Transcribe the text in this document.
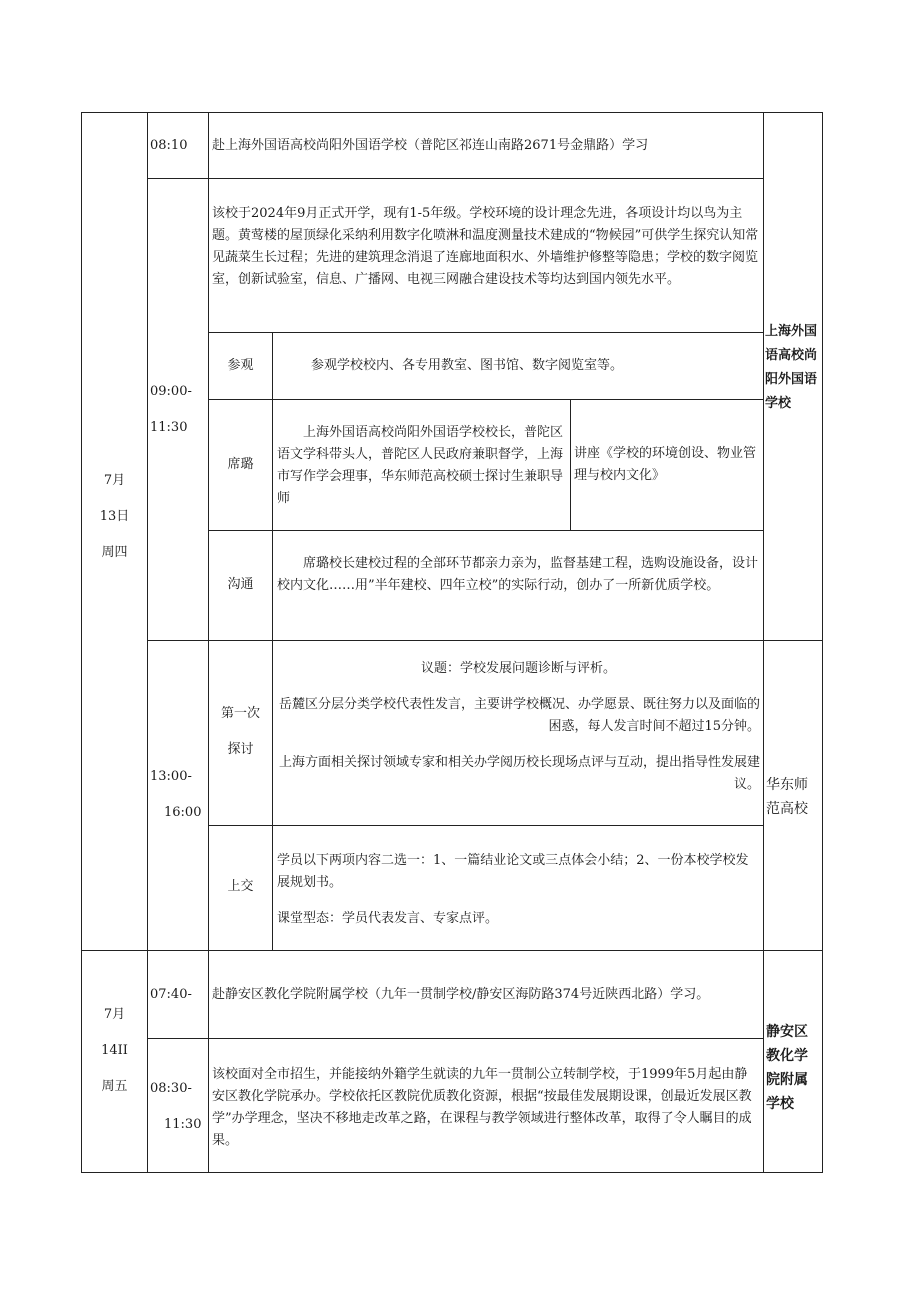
7月

13日

周四

08:10 赴上海外国语高校尚阳外国语学校（普陀区祁连山南路2671号金鼎路）学习

09:00-

11:30

该校于2024年9月正式开学，现有1-5年级。学校环境的设计理念先进，各项设计均以鸟为主题。黄莺楼的屋顶绿化采纳利用数字化喷淋和温度测量技术建成的“物候园”可供学生探究认知常见蔬菜生长过程；先进的建筑理念消退了连廊地面积水、外墙维护修整等隐患；学校的数字阅览室，创新试验室，信息、广播网、电视三网融合建设技术等均达到国内领先水平。
参观	参观学校校内、各专用教室、图书馆、数字阅览室等。
席璐
上海外国语高校尚阳外国语学校校长，普陀区语文学科带头人，普陀区人民政府兼职督学，上海市写作学会理事，华东师范高校硕士探讨生兼职导师
讲座《学校的环境创设、物业管理与校内文化》
沟通
席璐校长建校过程的全部环节都亲力亲为，监督基建工程，选购设施设备，设计校内文化……用”半年建校、四年立校”的实际行动，创办了一所新优质学校。
上海外国语高校尚阳外国语学校

13:00-

16:00

第一次

探讨

议题：学校发展问题诊断与评析。
岳麓区分层分类学校代表性发言，主要讲学校概况、办学愿景、既往努力以及面临的困惑，每人发言时间不超过15分钟。
上海方面相关探讨领域专家和相关办学阅历校长现场点评与互动，提出指导性发展建议。
上交
学员以下两项内容二选一：1、一篇结业论文或三点体会小结；2、一份本校学校发展规划书。
课堂型态：学员代表发言、专家点评。
华东师范高校

7月

14II

周五

07:40- 赴静安区教化学院附属学校（九年一贯制学校/静安区海防路374号近陕西北路）学习。

08:30-

11:30

该校面对全市招生，并能接纳外籍学生就读的九年一贯制公立转制学校，于1999年5月起由静安区教化学院承办。学校依托区教院优质教化资源，根据“按最佳发展期设课，创最近发展区教学”办学理念，坚决不移地走改革之路，在课程与教学领域进行整体改革，取得了令人瞩目的成果。
静安区教化学院附属学校
